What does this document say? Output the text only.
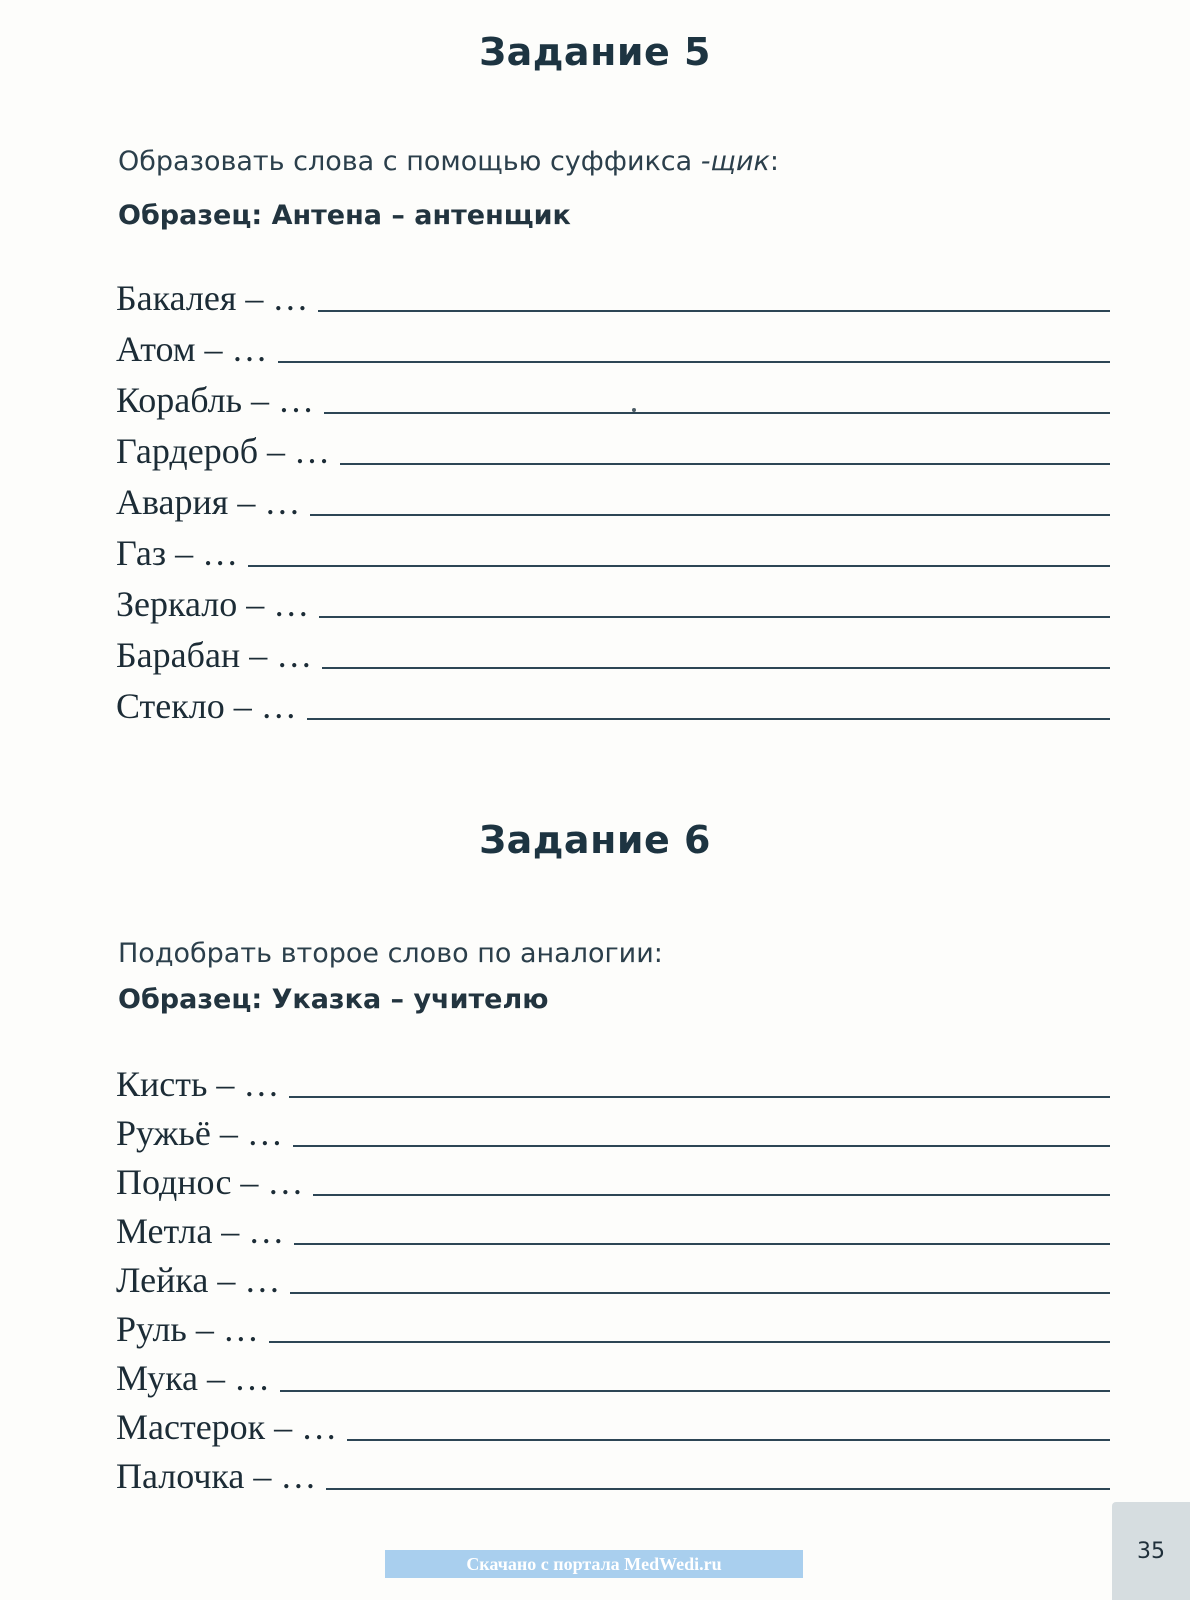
Задание 5

Образовать слова с помощью суффикса -щик:

Образец: Антена – антенщик

Бакалея – …
Атом – …
Корабль – …
Гардероб – …
Авария – …
Газ – …
Зеркало – …
Барабан – …
Стекло – …
Задание 6

Подобрать второе слово по аналогии:

Образец: Указка – учителю

Кисть – …
Ружьё – …
Поднос – …
Метла – …
Лейка – …
Руль – …
Мука – …
Мастерок – …
Палочка – …
Скачано с портала MedWedi.ru	35
